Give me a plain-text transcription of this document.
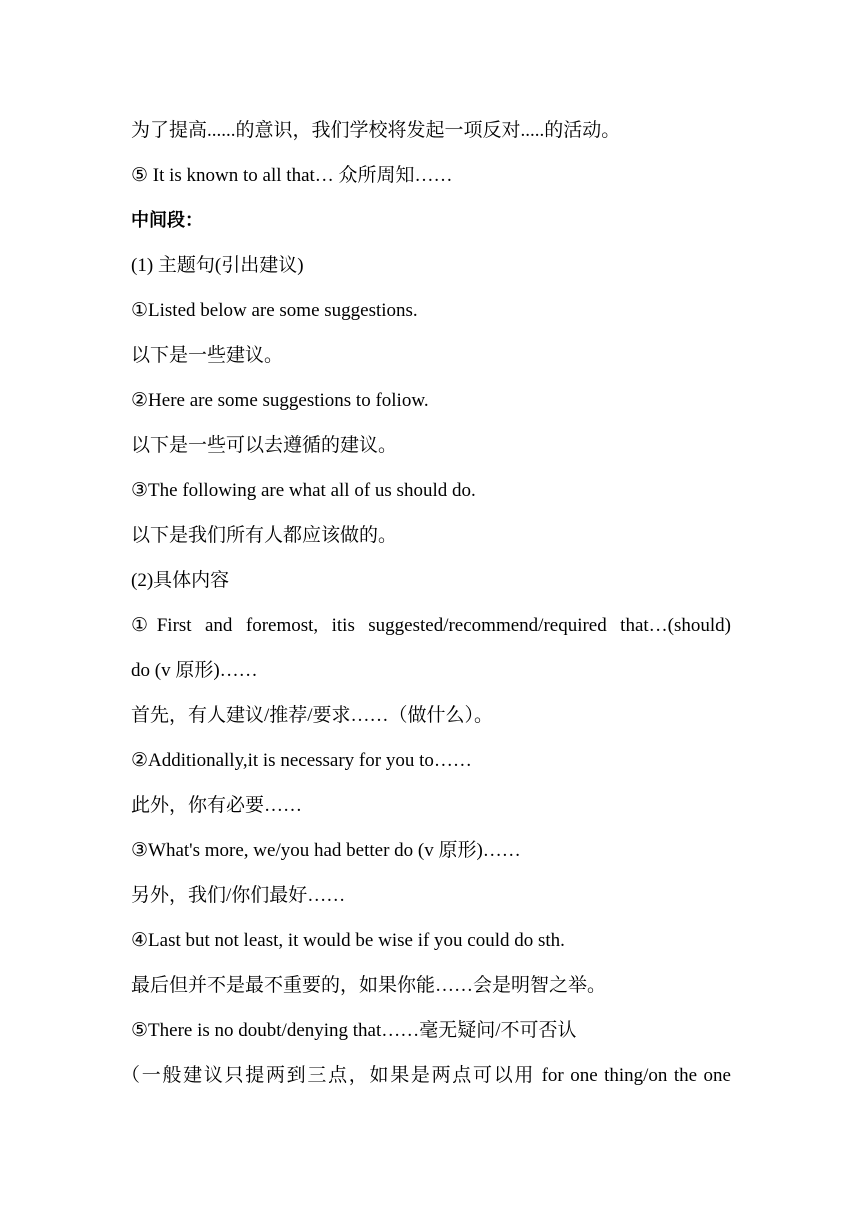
为了提高......的意识，我们学校将发起一项反对.....的活动。
⑤ It is known to all that… 众所周知……
中间段：
(1) 主题句(引出建议)
①Listed below are some suggestions.
以下是一些建议。
②Here are some suggestions to foliow.
以下是一些可以去遵循的建议。
③The following are what all of us should do.
以下是我们所有人都应该做的。
(2)具体内容
①First and foremost, itis suggested/recommend/required that…(should)
do (v 原形)……
首先，有人建议/推荐/要求……（做什么）。
②Additionally,it is necessary for you to……
此外，你有必要……
③What's more, we/you had better do (v 原形)……
另外，我们/你们最好……
④Last but not least, it would be wise if you could do sth.
最后但并不是最不重要的，如果你能……会是明智之举。
⑤There is no doubt/denying that……毫无疑问/不可否认
（一般建议只提两到三点，如果是两点可以用 for one thing/on the one
